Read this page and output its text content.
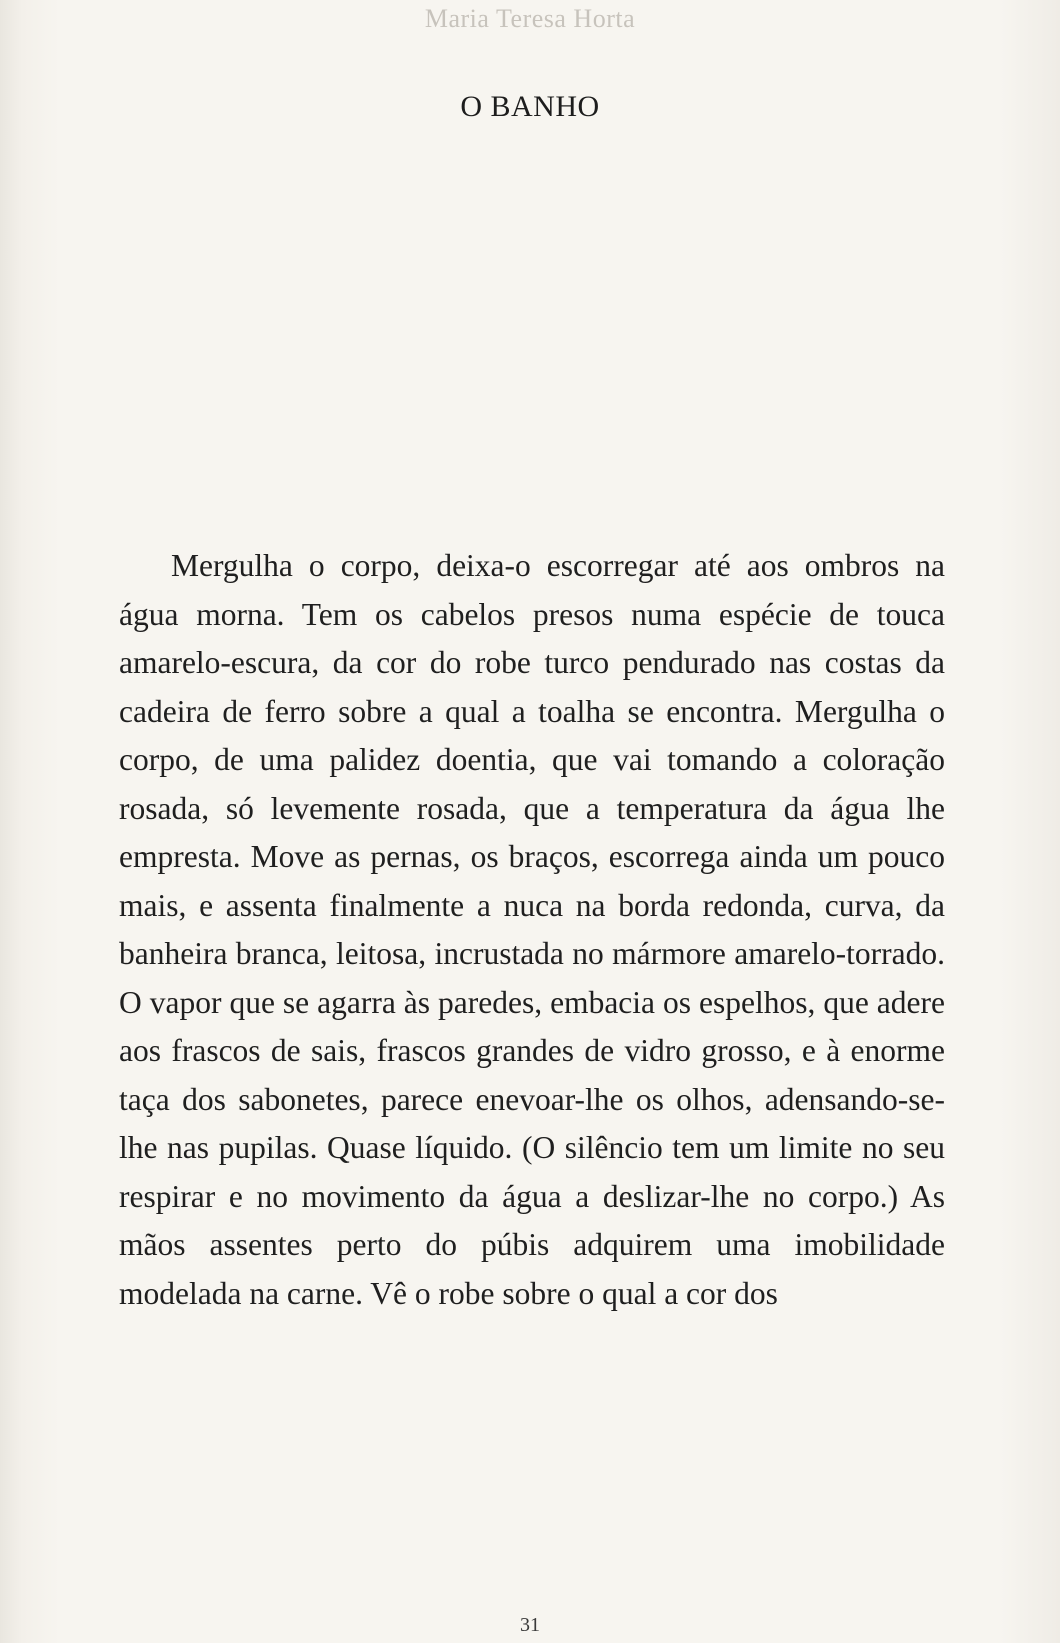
Maria Teresa Horta
O BANHO

Mergulha o corpo, deixa-o escorregar até aos ombros na água morna. Tem os cabelos presos numa espécie de touca amarelo-escura, da cor do robe turco pendurado nas costas da cadeira de ferro sobre a qual a toalha se encontra. Mergulha o corpo, de uma palidez doentia, que vai tomando a coloração rosada, só levemente rosada, que a temperatura da água lhe empresta. Move as pernas, os braços, escorrega ainda um pouco mais, e assenta finalmente a nuca na borda redonda, curva, da banheira branca, leitosa, incrustada no mármore amarelo-torrado. O vapor que se agarra às paredes, embacia os espelhos, que adere aos frascos de sais, frascos grandes de vidro grosso, e à enorme taça dos sabonetes, parece enevoar-lhe os olhos, adensando-se-lhe nas pupilas. Quase líquido. (O silêncio tem um limite no seu respirar e no movimento da água a deslizar-lhe no corpo.) As mãos assentes perto do púbis adquirem uma imobilidade modelada na carne. Vê o robe sobre o qual a cor dos

31
